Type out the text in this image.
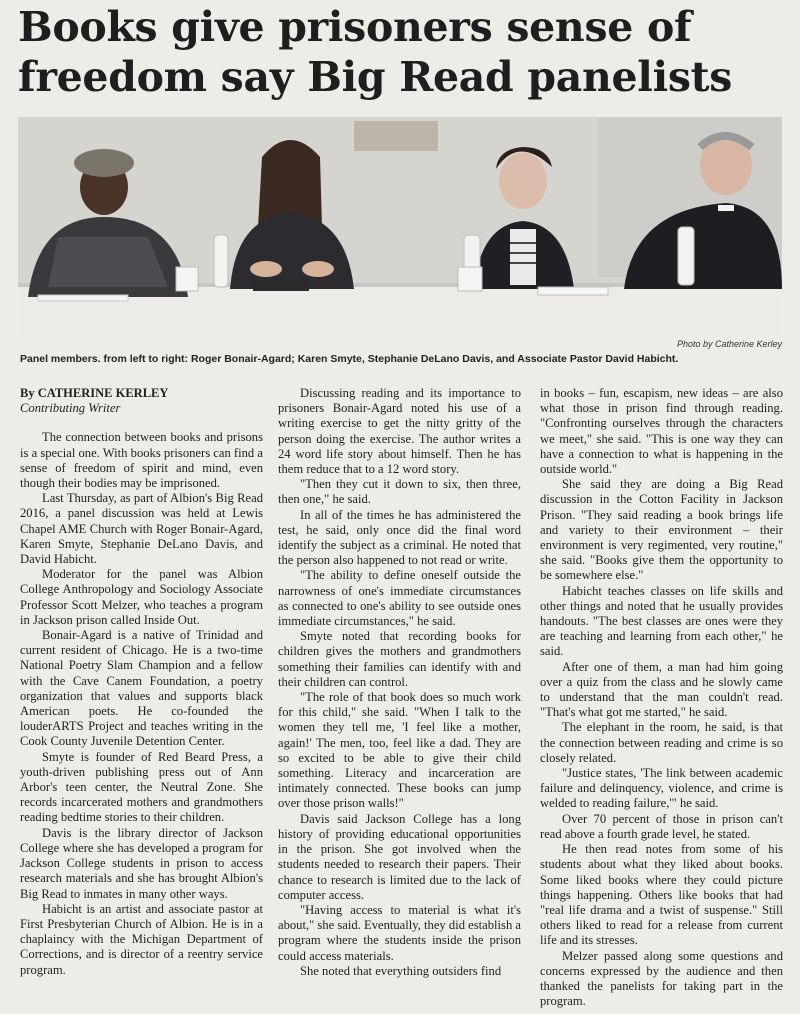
Books give prisoners sense of freedom say Big Read panelists
Photo by Catherine Kerley
Panel members. from left to right: Roger Bonair-Agard; Karen Smyte, Stephanie DeLano Davis, and Associate Pastor David Habicht.

By CATHERINE KERLEY

Contributing Writer

The connection between books and prisons is a special one. With books prisoners can find a sense of freedom of spirit and mind, even though their bodies may be imprisoned.

Last Thursday, as part of Albion's Big Read 2016, a panel discussion was held at Lewis Chapel AME Church with Roger Bonair-Agard, Karen Smyte, Stephanie DeLano Davis, and David Habicht.

Moderator for the panel was Albion College Anthropology and Sociology Associate Professor Scott Melzer, who teaches a program in Jackson prison called Inside Out.

Bonair-Agard is a native of Trinidad and current resident of Chicago. He is a two-time National Poetry Slam Champion and a fellow with the Cave Canem Foundation, a poetry organization that values and supports black American poets. He co-founded the louderARTS Project and teaches writing in the Cook County Juvenile Detention Center.

Smyte is founder of Red Beard Press, a youth-driven publishing press out of Ann Arbor's teen center, the Neutral Zone. She records incarcerated mothers and grandmothers reading bedtime stories to their children.

Davis is the library director of Jackson College where she has developed a program for Jackson College students in prison to access research materials and she has brought Albion's Big Read to inmates in many other ways.

Habicht is an artist and associate pastor at First Presbyterian Church of Albion. He is in a chaplaincy with the Michigan Department of Corrections, and is director of a reentry service program.

Discussing reading and its importance to prisoners Bonair-Agard noted his use of a writing exercise to get the nitty gritty of the person doing the exercise. The author writes a 24 word life story about himself. Then he has them reduce that to a 12 word story.

"Then they cut it down to six, then three, then one," he said.

In all of the times he has administered the test, he said, only once did the final word identify the subject as a criminal. He noted that the person also happened to not read or write.

"The ability to define oneself outside the narrowness of one's immediate circumstances as connected to one's ability to see outside ones immediate circumstances," he said.

Smyte noted that recording books for children gives the mothers and grandmothers something their families can identify with and their children can control.

"The role of that book does so much work for this child," she said. "When I talk to the women they tell me, 'I feel like a mother, again!' The men, too, feel like a dad. They are so excited to be able to give their child something. Literacy and incarceration are intimately connected. These books can jump over those prison walls!"

Davis said Jackson College has a long history of providing educational opportunities in the prison. She got involved when the students needed to research their papers. Their chance to research is limited due to the lack of computer access.

"Having access to material is what it's about," she said. Eventually, they did establish a program where the students inside the prison could access materials.

She noted that everything outsiders find

in books – fun, escapism, new ideas – are also what those in prison find through reading. "Confronting ourselves through the characters we meet," she said. "This is one way they can have a connection to what is happening in the outside world."

She said they are doing a Big Read discussion in the Cotton Facility in Jackson Prison. "They said reading a book brings life and variety to their environment – their environment is very regimented, very routine," she said. "Books give them the opportunity to be somewhere else."

Habicht teaches classes on life skills and other things and noted that he usually provides handouts. "The best classes are ones were they are teaching and learning from each other," he said.

After one of them, a man had him going over a quiz from the class and he slowly came to understand that the man couldn't read. "That's what got me started," he said.

The elephant in the room, he said, is that the connection between reading and crime is so closely related.

"Justice states, 'The link between academic failure and delinquency, violence, and crime is welded to reading failure,'" he said.

Over 70 percent of those in prison can't read above a fourth grade level, he stated.

He then read notes from some of his students about what they liked about books. Some liked books where they could picture things happening. Others like books that had "real life drama and a twist of suspense." Still others liked to read for a release from current life and its stresses.

Melzer passed along some questions and concerns expressed by the audience and then thanked the panelists for taking part in the program.
